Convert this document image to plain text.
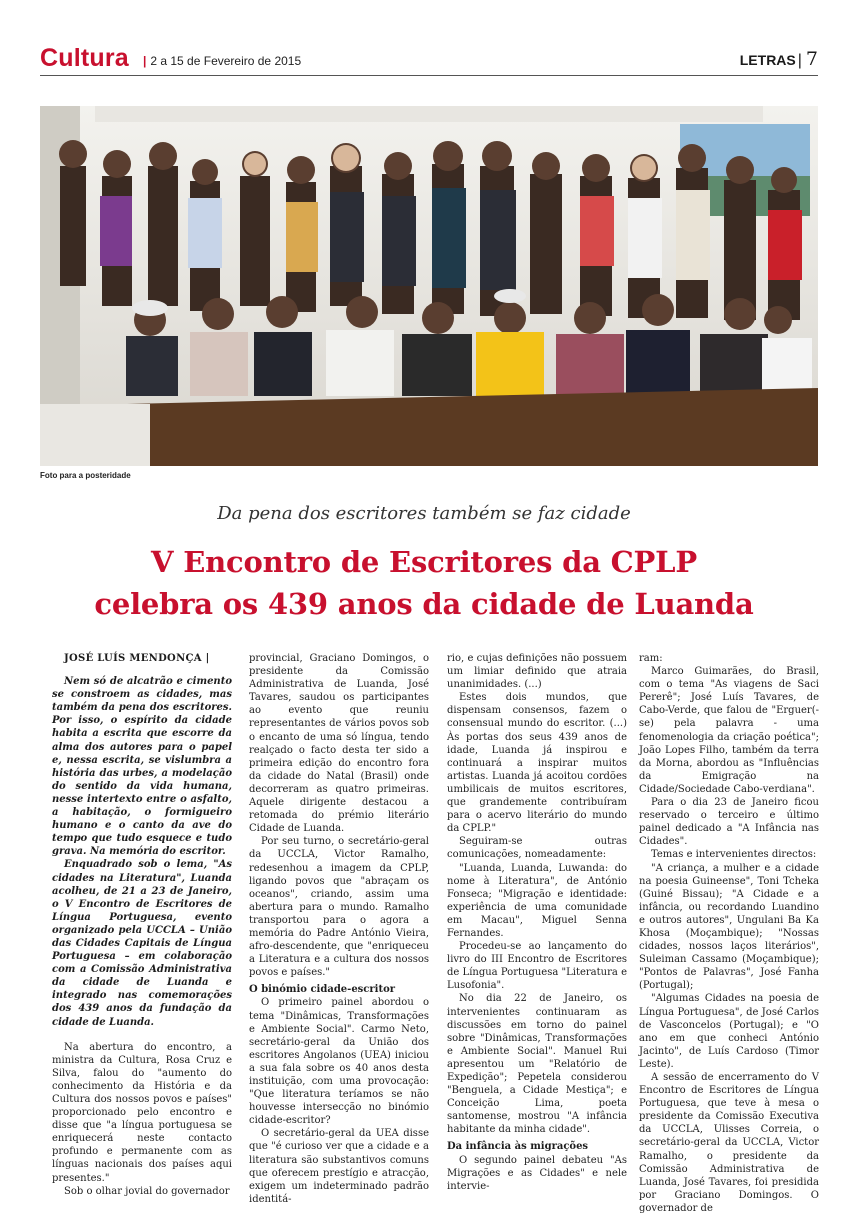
Cultura | 2 a 15 de Fevereiro de 2015	LETRAS | 7
Foto para a posteridade
Da pena dos escritores também se faz cidade
V Encontro de Escritores da CPLP
celebra os 439 anos da cidade de Luanda

JOSÉ LUÍS MENDONÇA |

Nem só de alcatrão e cimento se constroem as cidades, mas também da pena dos escritores. Por isso, o espírito da cidade habita a escrita que escorre da alma dos autores para o papel e, nessa escrita, se vislumbra a história das urbes, a modelação do sentido da vida humana, nesse intertexto entre o asfalto, a habitação, o formigueiro humano e o canto da ave do tempo que tudo esquece e tudo grava. Na memória do escritor.

Enquadrado sob o lema, "As cidades na Literatura", Luanda acolheu, de 21 a 23 de Janeiro, o V Encontro de Escritores de Língua Portuguesa, evento organizado pela UCCLA – União das Cidades Capitais de Língua Portuguesa – em colaboração com a Comissão Administrativa da cidade de Luanda e integrado nas comemorações dos 439 anos da fundação da cidade de Luanda.

Na abertura do encontro, a ministra da Cultura, Rosa Cruz e Silva, falou do "aumento do conhecimento da História e da Cultura dos nossos povos e países" proporcionado pelo encontro e disse que "a língua portuguesa se enriquecerá neste contacto profundo e permanente com as línguas nacionais dos países aqui presentes."

Sob o olhar jovial do governador

provincial, Graciano Domingos, o presidente da Comissão Administrativa de Luanda, José Tavares, saudou os participantes ao evento que reuniu representantes de vários povos sob o encanto de uma só língua, tendo realçado o facto desta ter sido a primeira edição do encontro fora da cidade do Natal (Brasil) onde decorreram as quatro primeiras. Aquele dirigente destacou a retomada do prémio literário Cidade de Luanda.

Por seu turno, o secretário-geral da UCCLA, Victor Ramalho, redesenhou a imagem da CPLP, ligando povos que "abraçam os oceanos", criando, assim uma abertura para o mundo. Ramalho transportou para o agora a memória do Padre António Vieira, afro-descendente, que "enriqueceu a Literatura e a cultura dos nossos povos e países."

O binómio cidade-escritor

O primeiro painel abordou o tema "Dinâmicas, Transformações e Ambiente Social". Carmo Neto, secretário-geral da União dos escritores Angolanos (UEA) iniciou a sua fala sobre os 40 anos desta instituição, com uma provocação: "Que literatura teríamos se não houvesse intersecção no binómio cidade-escritor?

O secretário-geral da UEA disse que "é curioso ver que a cidade e a literatura são substantivos comuns que oferecem prestígio e atracção, exigem um indeterminado padrão identitá-

rio, e cujas definições não possuem um limiar definido que atraia unanimidades. (...)

Estes dois mundos, que dispensam consensos, fazem o consensual mundo do escritor. (...) Às portas dos seus 439 anos de idade, Luanda já inspirou e continuará a inspirar muitos artistas. Luanda já acoitou cordões umbilicais de muitos escritores, que grandemente contribuíram para o acervo literário do mundo da CPLP."

Seguiram-se outras comunicações, nomeadamente:

"Luanda, Luanda, Luwanda: do nome à Literatura", de António Fonseca; "Migração e identidade: experiência de uma comunidade em Macau", Miguel Senna Fernandes.

Procedeu-se ao lançamento do livro do III Encontro de Escritores de Língua Portuguesa "Literatura e Lusofonia".

No dia 22 de Janeiro, os intervenientes continuaram as discussões em torno do painel sobre "Dinâmicas, Transformações e Ambiente Social". Manuel Rui apresentou um "Relatório de Expedição"; Pepetela considerou "Benguela, a Cidade Mestiça"; e Conceição Lima, poeta santomense, mostrou "A infância habitante da minha cidade".

Da infância às migrações

O segundo painel debateu "As Migrações e as Cidades" e nele intervie-

ram:

Marco Guimarães, do Brasil, com o tema "As viagens de Saci Pererê"; José Luís Tavares, de Cabo-Verde, que falou de "Erguer(-se) pela palavra - uma fenomenologia da criação poética"; João Lopes Filho, também da terra da Morna, abordou as "Influências da Emigração na Cidade/Sociedade Cabo-verdiana".

Para o dia 23 de Janeiro ficou reservado o terceiro e último painel dedicado a "A Infância nas Cidades".

Temas e intervenientes directos:

"A criança, a mulher e a cidade na poesia Guineense", Toni Tcheka (Guiné Bissau); "A Cidade e a infância, ou recordando Luandino e outros autores", Ungulani Ba Ka Khosa (Moçambique); "Nossas cidades, nossos laços literários", Suleiman Cassamo (Moçambique); "Pontos de Palavras", José Fanha (Portugal);

"Algumas Cidades na poesia de Língua Portuguesa", de José Carlos de Vasconcelos (Portugal); e "O ano em que conheci António Jacinto", de Luís Cardoso (Timor Leste).

A sessão de encerramento do V Encontro de Escritores de Língua Portuguesa, que teve à mesa o presidente da Comissão Executiva da UCCLA, Ulisses Correia, o secretário-geral da UCCLA, Victor Ramalho, o presidente da Comissão Administrativa de Luanda, José Tavares, foi presidida por Graciano Domingos. O governador de
